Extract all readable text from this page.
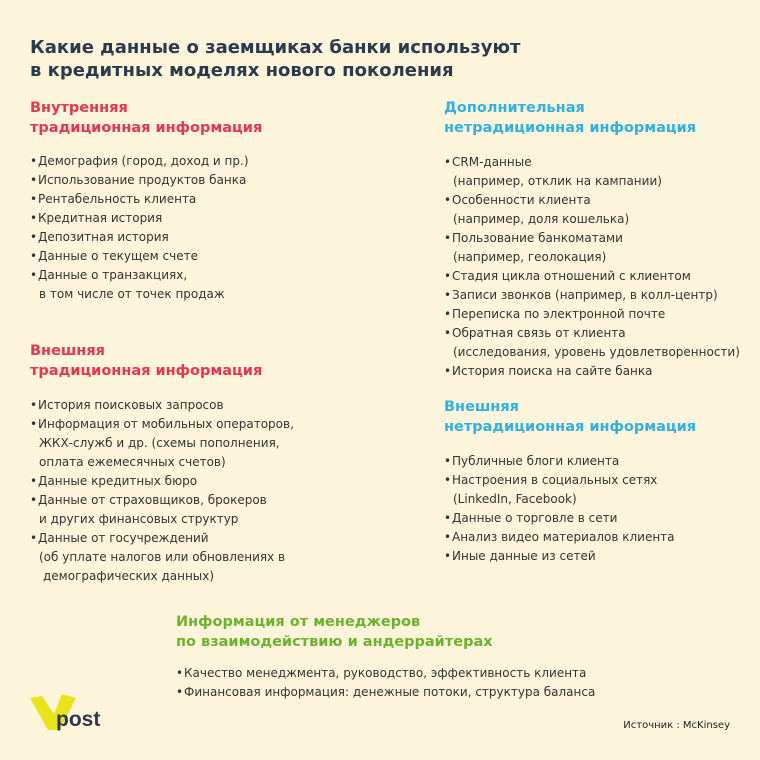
Какие данные о заемщиках банки используют
в кредитных моделях нового поколения
Внутренняя
традиционная информация
• Демография (город, доход и пр.)
• Использование продуктов банка
• Рентабельность клиента
• Кредитная история
• Депозитная история
• Данные о текущем счете
• Данные о транзакциях,
в том числе от точек продаж
Дополнительная
нетрадиционная информация
• CRM-данные
(например, отклик на кампании)
• Особенности клиента
(например, доля кошелька)
• Пользование банкоматами
(например, геолокация)
• Стадия цикла отношений с клиентом
• Записи звонков (например, в колл-центр)
• Переписка по электронной почте
• Обратная связь от клиента
(исследования, уровень удовлетворенности)
• История поиска на сайте банка
Внешняя
традиционная информация
• История поисковых запросов
• Информация от мобильных операторов,
ЖКХ-служб и др. (схемы пополнения,
оплата ежемесячных счетов)
• Данные кредитных бюро
• Данные от страховщиков, брокеров
и других финансовых структур
• Данные от госучреждений
(об уплате налогов или обновлениях в
демографических данных)
Внешняя
нетрадиционная информация
• Публичные блоги клиента
• Настроения в социальных сетях
(LinkedIn, Facebook)
• Данные о торговле в сети
• Анализ видео материалов клиента
• Иные данные из сетей
Информация от менеджеров
по взаимодействию и андеррайтерах
• Качество менеджмента, руководство, эффективность клиента
• Финансовая информация: денежные потоки, структура баланса
post	Источник : McKinsey
